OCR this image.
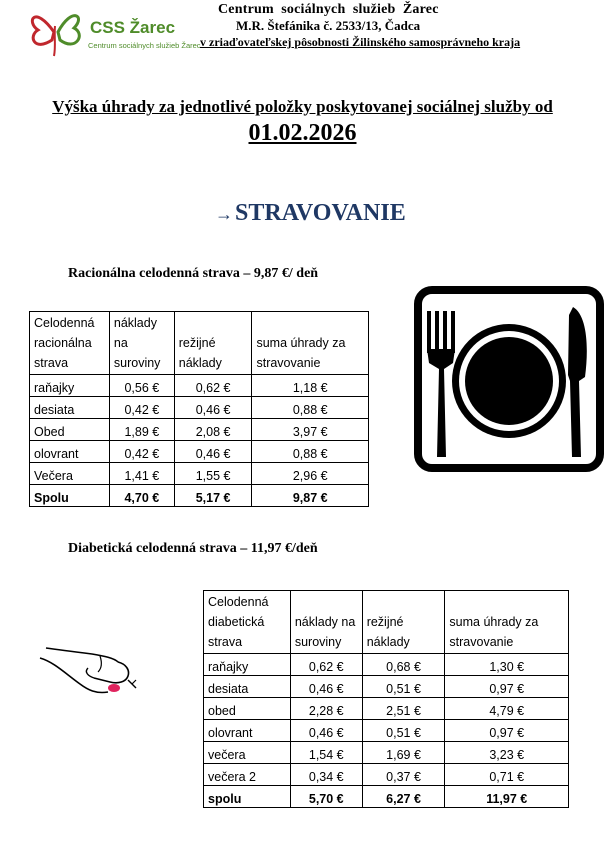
CSS Žarec
Centrum sociálnych služieb Žarec
Centrum  sociálnych  služieb  Žarec
M.R. Štefánika č. 2533/13, Čadca
v zriaďovateľskej pôsobnosti Žilinského samosprávneho kraja
Výška úhrady za jednotlivé položky poskytovanej sociálnej služby od
01.02.2026
→STRAVOVANIE
Racionálna celodenná strava – 9,87 €/ deň
Celodenná racionálna strava	náklady na suroviny	režijné náklady	suma úhrady za stravovanie
raňajky	0,56 €	0,62 €	1,18 €
desiata	0,42 €	0,46 €	0,88 €
Obed	1,89 €	2,08 €	3,97 €
olovrant	0,42 €	0,46 €	0,88 €
Večera	1,41 €	1,55 €	2,96 €
Spolu	4,70 €	5,17 €	9,87 €
Diabetická celodenná strava – 11,97 €/deň
Celodenná diabetická strava	náklady na suroviny	režijné náklady	suma úhrady za stravovanie
raňajky	0,62 €	0,68 €	1,30 €
desiata	0,46 €	0,51 €	0,97 €
obed	2,28 €	2,51 €	4,79 €
olovrant	0,46 €	0,51 €	0,97 €
večera	1,54 €	1,69 €	3,23 €
večera 2	0,34 €	0,37 €	0,71 €
spolu	5,70 €	6,27 €	11,97 €
